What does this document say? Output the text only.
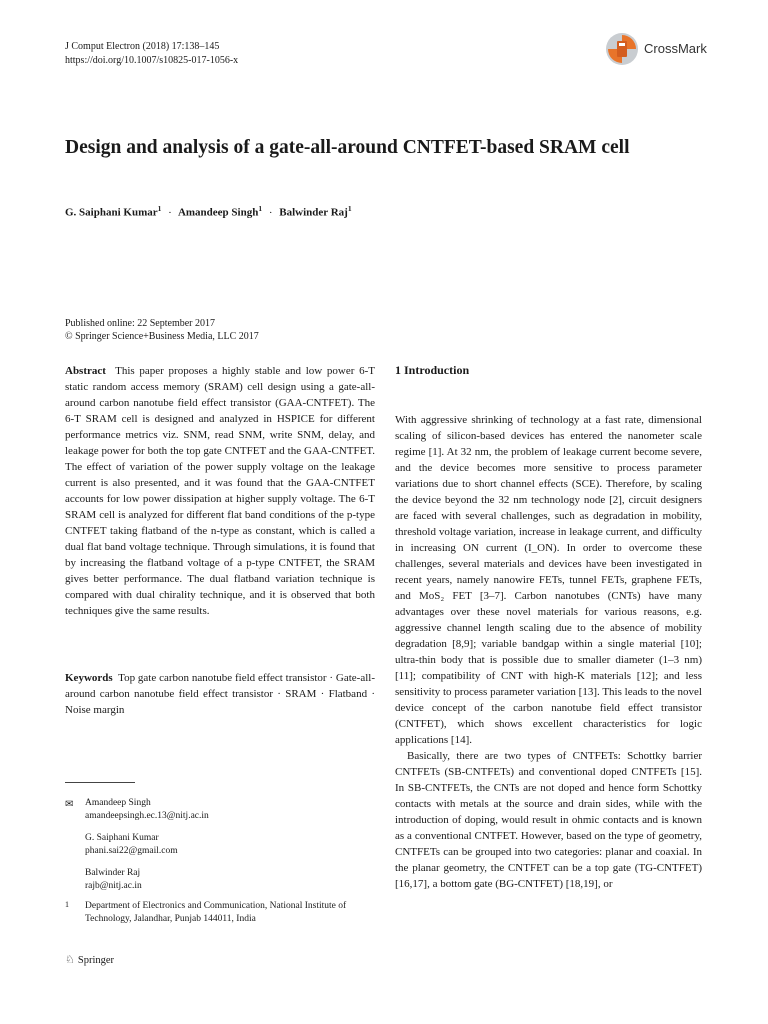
J Comput Electron (2018) 17:138–145
https://doi.org/10.1007/s10825-017-1056-x
CrossMark
Design and analysis of a gate-all-around CNTFET-based SRAM cell
G. Saiphani Kumar$^1$ · Amandeep Singh$^1$ · Balwinder Raj$^1$
Published online: 22 September 2017
© Springer Science+Business Media, LLC 2017
Abstract This paper proposes a highly stable and low power 6-T static random access memory (SRAM) cell design using a gate-all-around carbon nanotube field effect transistor (GAA-CNTFET). The 6-T SRAM cell is designed and analyzed in HSPICE for different performance metrics viz. SNM, read SNM, write SNM, delay, and leakage power for both the top gate CNTFET and the GAA-CNTFET. The effect of variation of the power supply voltage on the leakage current is also presented, and it was found that the GAA-CNTFET accounts for low power dissipation at higher supply voltage. The 6-T SRAM cell is analyzed for different flat band conditions of the p-type CNTFET taking flatband of the n-type as constant, which is called a dual flat band voltage technique. Through simulations, it is found that by increasing the flatband voltage of a p-type CNTFET, the SRAM gives better performance. The dual flatband variation technique is compared with dual chirality technique, and it is observed that both techniques give the same results.
Keywords Top gate carbon nanotube field effect transistor · Gate-all-around carbon nanotube field effect transistor · SRAM · Flatband · Noise margin
✉ Amandeep Singh
amandeepsingh.ec.13@nitj.ac.in
G. Saiphani Kumar
phani.sai22@gmail.com
Balwinder Raj
rajb@nitj.ac.in
1 Department of Electronics and Communication, National Institute of Technology, Jalandhar, Punjab 144011, India
1 Introduction

With aggressive shrinking of technology at a fast rate, dimensional scaling of silicon-based devices has entered the nanometer scale regime [1]. At 32 nm, the problem of leakage current become severe, and the device becomes more sensitive to process parameter variations due to short channel effects (SCE). Therefore, by scaling the device beyond the 32 nm technology node [2], circuit designers are faced with several challenges, such as degradation in mobility, threshold voltage variation, increase in leakage current, and difficulty in increasing ON current (I_ON). In order to overcome these challenges, several materials and devices have been investigated in recent years, namely nanowire FETs, tunnel FETs, graphene FETs, and MoS₂ FET [3–7]. Carbon nanotubes (CNTs) have many advantages over these novel materials for various reasons, e.g. aggressive channel length scaling due to the absence of mobility degradation [8,9]; variable bandgap within a single material [10]; ultra-thin body that is possible due to smaller diameter (1–3 nm) [11]; compatibility of CNT with high-K materials [12]; and less sensitivity to process parameter variation [13]. This leads to the novel device concept of the carbon nanotube field effect transistor (CNTFET), which shows excellent characteristics for logic applications [14].

Basically, there are two types of CNTFETs: Schottky barrier CNTFETs (SB-CNTFETs) and conventional doped CNTFETs [15]. In SB-CNTFETs, the CNTs are not doped and hence form Schottky contacts with metals at the source and drain sides, while with the introduction of doping, would result in ohmic contacts and is known as a conventional CNTFET. However, based on the type of geometry, CNTFETs can be grouped into two categories: planar and coaxial. In the planar geometry, the CNTFET can be a top gate (TG-CNTFET) [16,17], a bottom gate (BG-CNTFET) [18,19], or

♘ Springer
